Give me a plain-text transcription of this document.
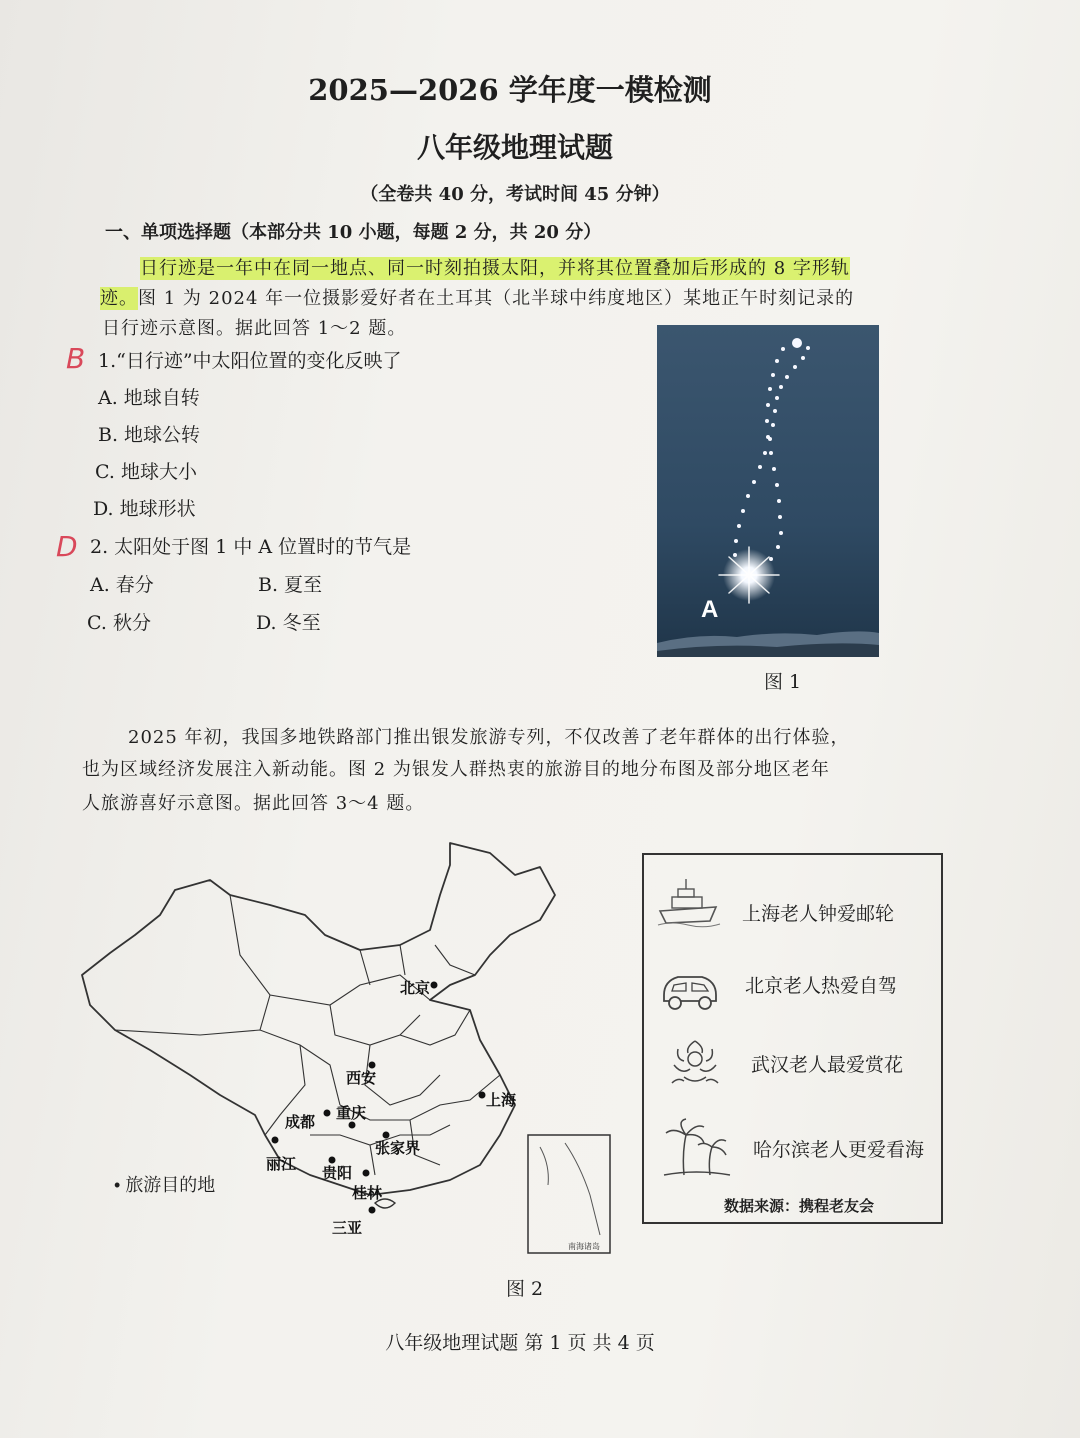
2025—2026 学年度一模检测
八年级地理试题
（全卷共 40 分，考试时间 45 分钟）
一、单项选择题（本部分共 10 小题，每题 2 分，共 20 分）
日行迹是一年中在同一地点、同一时刻拍摄太阳，并将其位置叠加后形成的 8 字形轨
迹。图 1 为 2024 年一位摄影爱好者在土耳其（北半球中纬度地区）某地正午时刻记录的
日行迹示意图。据此回答 1～2 题。
B 1.“日行迹”中太阳位置的变化反映了
A. 地球自转
B. 地球公转
C. 地球大小
D. 地球形状
D 2. 太阳处于图 1 中 A 位置时的节气是
A. 春分	B. 夏至
C. 秋分	D. 冬至	A
图 1
2025 年初，我国多地铁路部门推出银发旅游专列，不仅改善了老年群体的出行体验，
也为区域经济发展注入新动能。图 2 为银发人群热衷的旅游目的地分布图及部分地区老年
人旅游喜好示意图。据此回答 3～4 题。
南海诸岛
北京
西安
上海
成都
重庆
张家界
丽江
贵阳
桂林
三亚
• 旅游目的地
图 2
上海老人钟爱邮轮
北京老人热爱自驾
武汉老人最爱赏花
哈尔滨老人更爱看海
数据来源：携程老友会
八年级地理试题 第 1 页 共 4 页
